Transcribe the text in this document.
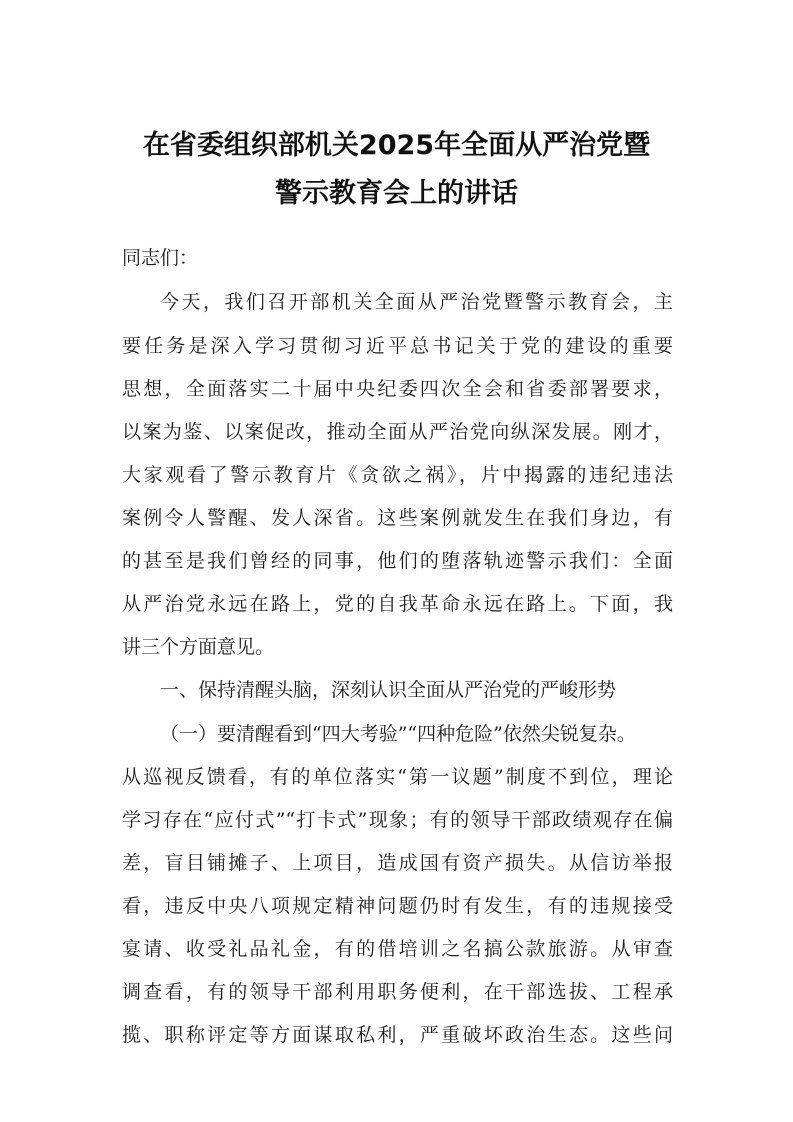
在省委组织部机关2025年全面从严治党暨
警示教育会上的讲话
同志们：
今天，我们召开部机关全面从严治党暨警示教育会，主
要任务是深入学习贯彻习近平总书记关于党的建设的重要
思想，全面落实二十届中央纪委四次全会和省委部署要求，
以案为鉴、以案促改，推动全面从严治党向纵深发展。刚才，
大家观看了警示教育片《贪欲之祸》，片中揭露的违纪违法
案例令人警醒、发人深省。这些案例就发生在我们身边，有
的甚至是我们曾经的同事，他们的堕落轨迹警示我们：全面
从严治党永远在路上，党的自我革命永远在路上。下面，我
讲三个方面意见。
一、保持清醒头脑，深刻认识全面从严治党的严峻形势
（一）要清醒看到“四大考验”“四种危险”依然尖锐复杂。
从巡视反馈看，有的单位落实“第一议题”制度不到位，理论
学习存在“应付式”“打卡式”现象；有的领导干部政绩观存在偏
差，盲目铺摊子、上项目，造成国有资产损失。从信访举报
看，违反中央八项规定精神问题仍时有发生，有的违规接受
宴请、收受礼品礼金，有的借培训之名搞公款旅游。从审查
调查看，有的领导干部利用职务便利，在干部选拔、工程承
揽、职称评定等方面谋取私利，严重破坏政治生态。这些问
